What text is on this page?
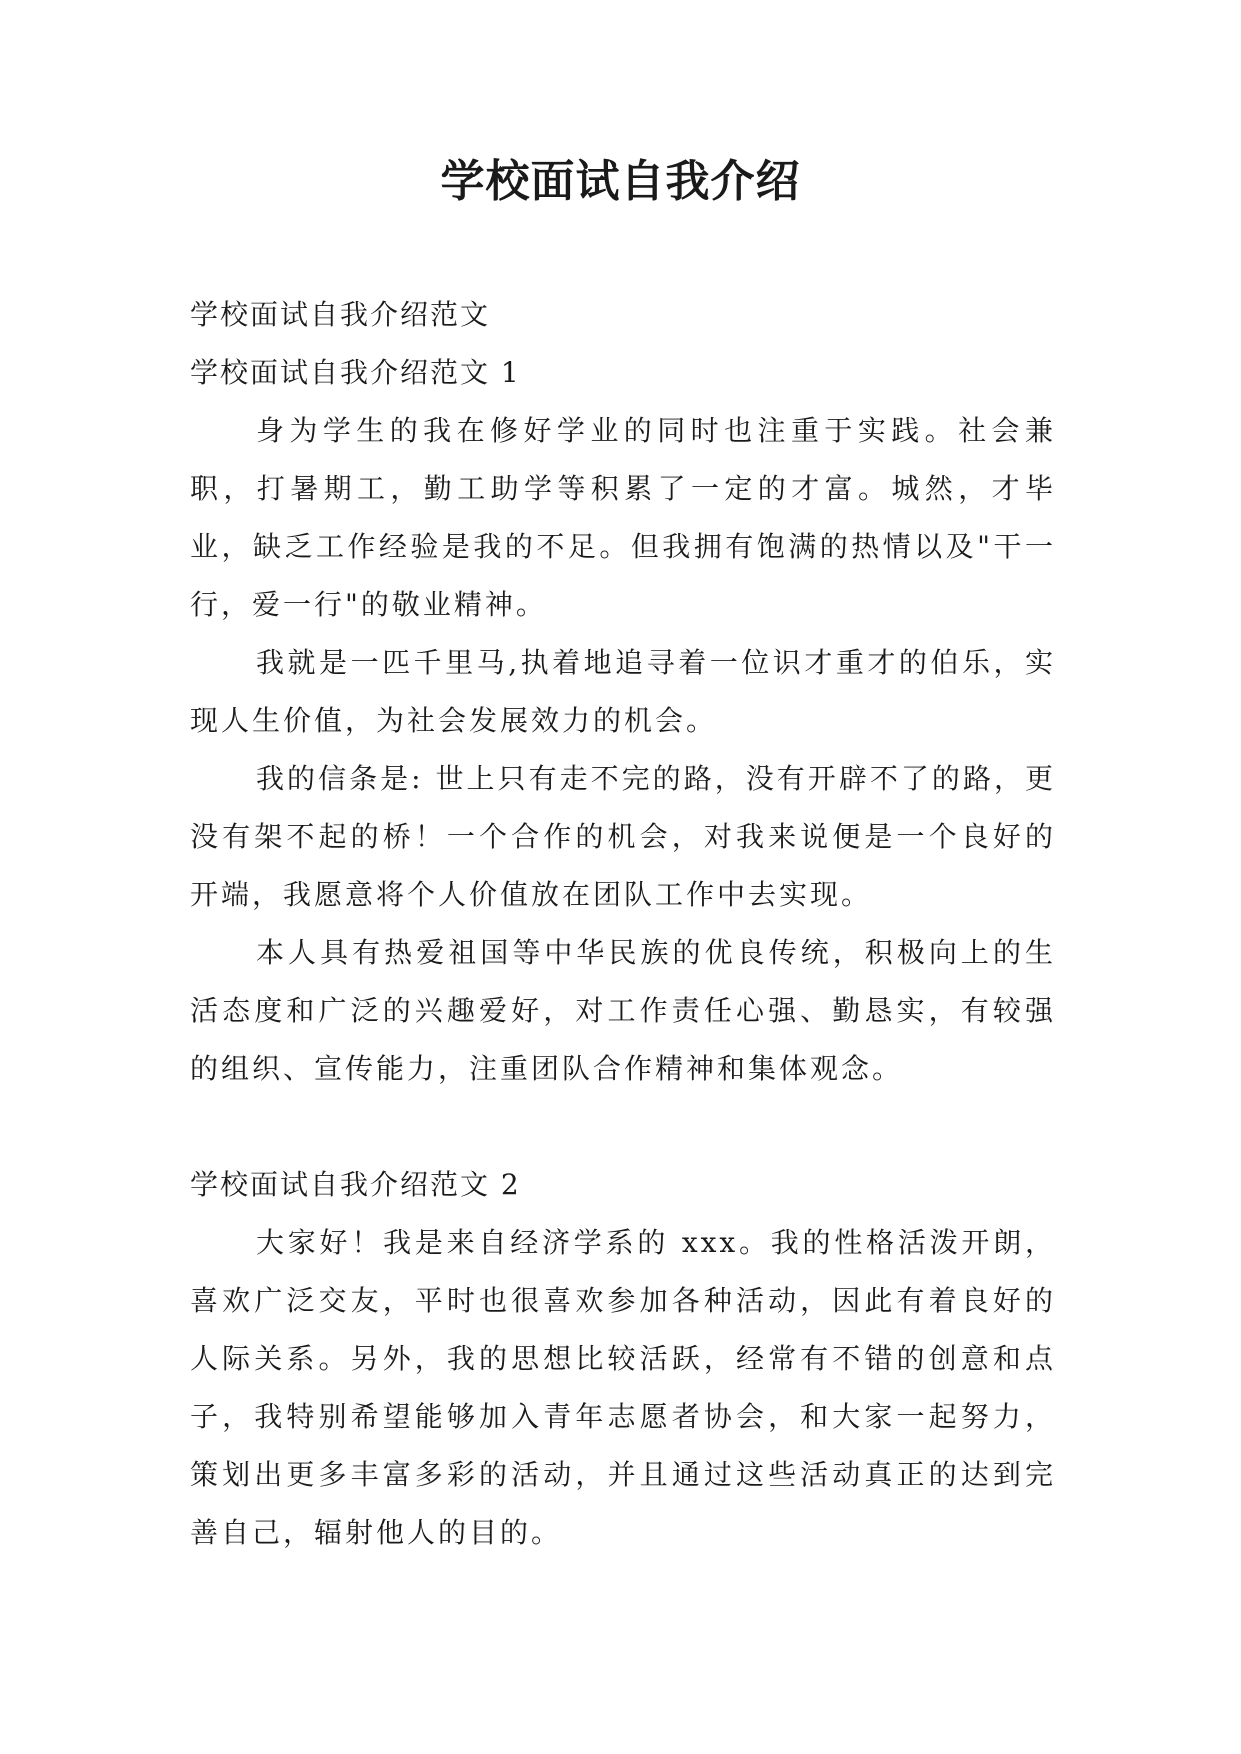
学校面试自我介绍

学校面试自我介绍范文

学校面试自我介绍范文 1

身为学生的我在修好学业的同时也注重于实践。社会兼职，打暑期工，勤工助学等积累了一定的才富。城然，才毕业，缺乏工作经验是我的不足。但我拥有饱满的热情以及"干一行，爱一行"的敬业精神。

我就是一匹千里马,执着地追寻着一位识才重才的伯乐，实现人生价值，为社会发展效力的机会。

我的信条是: 世上只有走不完的路，没有开辟不了的路，更没有架不起的桥！一个合作的机会，对我来说便是一个良好的开端，我愿意将个人价值放在团队工作中去实现。

本人具有热爱祖国等中华民族的优良传统，积极向上的生活态度和广泛的兴趣爱好，对工作责任心强、勤恳实，有较强的组织、宣传能力，注重团队合作精神和集体观念。

学校面试自我介绍范文 2

大家好！我是来自经济学系的 xxx。我的性格活泼开朗，喜欢广泛交友，平时也很喜欢参加各种活动，因此有着良好的人际关系。另外，我的思想比较活跃，经常有不错的创意和点子，我特别希望能够加入青年志愿者协会，和大家一起努力，策划出更多丰富多彩的活动，并且通过这些活动真正的达到完善自己，辐射他人的目的。
